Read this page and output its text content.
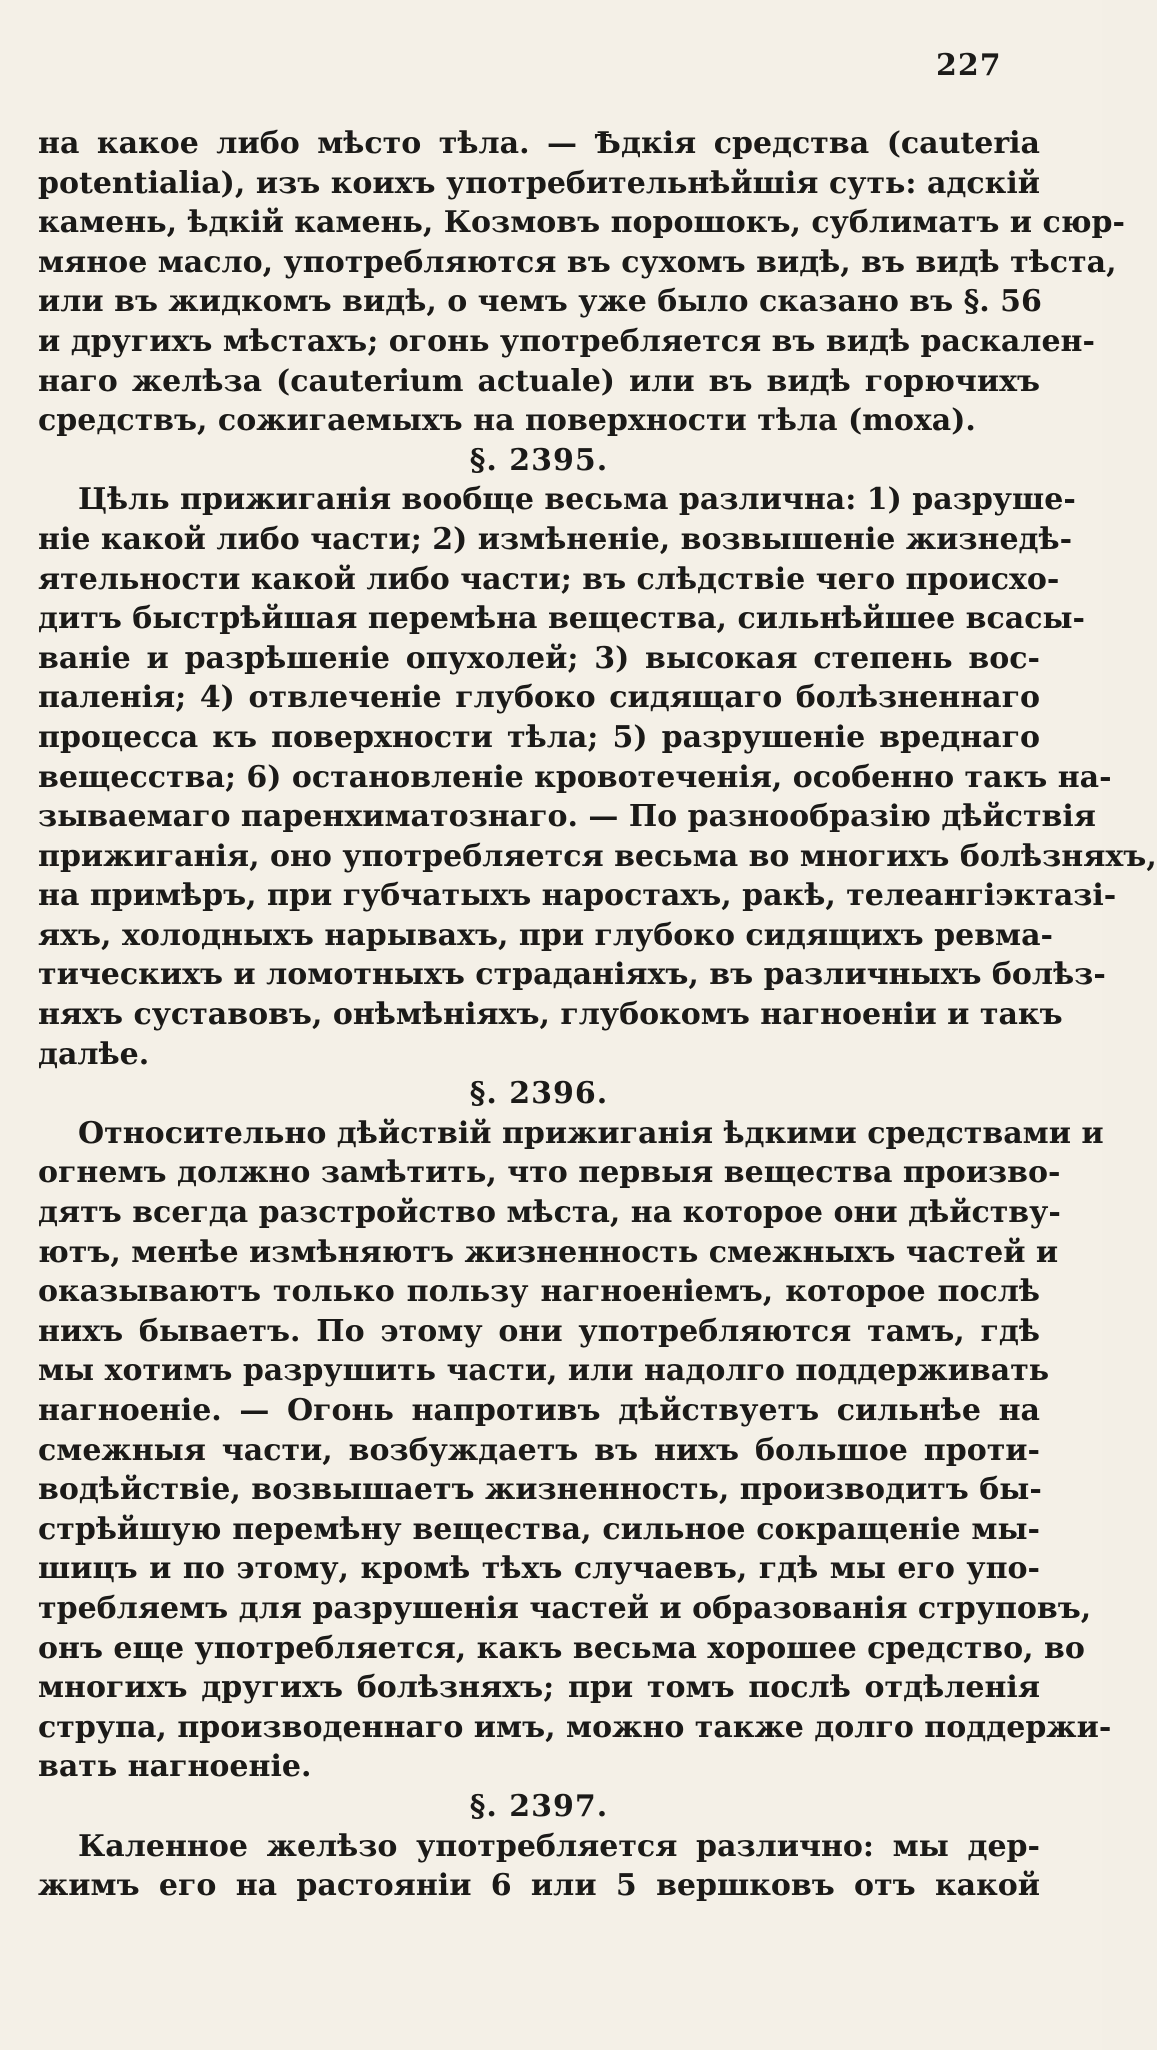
227
на какое либо мѣсто тѣла. — Ѣдкія средства (cauteria
potentialia), изъ коихъ употребительнѣйшія суть: адскій
камень, ѣдкій камень, Козмовъ порошокъ, сублиматъ и сюр-
мяное масло, употребляются въ сухомъ видѣ, въ видѣ тѣста,
или въ жидкомъ видѣ, о чемъ уже было сказано въ §. 56
и другихъ мѣстахъ; огонь употребляется въ видѣ раскален-
наго желѣза (cauterium actuale) или въ видѣ горючихъ
средствъ, сожигаемыхъ на поверхности тѣла (moxa).
§. 2395.
Цѣль прижиганія вообще весьма различна: 1) разруше-
ніе какой либо части; 2) измѣненіе, возвышеніе жизнедѣ-
ятельности какой либо части; въ слѣдствіе чего происхо-
дитъ быстрѣйшая перемѣна вещества, сильнѣйшее всасы-
ваніе и разрѣшеніе опухолей; 3) высокая степень вос-
паленія; 4) отвлеченіе глубоко сидящаго болѣзненнаго
процесса къ поверхности тѣла; 5) разрушеніе вреднаго
вещесства; 6) остановленіе кровотеченія, особенно такъ на-
зываемаго паренхиматознаго. — По разнообразію дѣйствія
прижиганія, оно употребляется весьма во многихъ болѣзняхъ,
на примѣръ, при губчатыхъ наростахъ, ракѣ, телеангіэктазі-
яхъ, холодныхъ нарывахъ, при глубоко сидящихъ ревма-
тическихъ и ломотныхъ страданіяхъ, въ различныхъ болѣз-
няхъ суставовъ, онѣмѣніяхъ, глубокомъ нагноеніи и такъ
далѣе.
§. 2396.
Относительно дѣйствій прижиганія ѣдкими средствами и
огнемъ должно замѣтить, что первыя вещества произво-
дятъ всегда разстройство мѣста, на которое они дѣйству-
ютъ, менѣе измѣняютъ жизненность смежныхъ частей и
оказываютъ только пользу нагноеніемъ, которое послѣ
нихъ бываетъ. По этому они употребляются тамъ, гдѣ
мы хотимъ разрушить части, или надолго поддерживать
нагноеніе. — Огонь напротивъ дѣйствуетъ сильнѣе на
смежныя части, возбуждаетъ въ нихъ большое проти-
водѣйствіе, возвышаетъ жизненность, производитъ бы-
стрѣйшую перемѣну вещества, сильное сокращеніе мы-
шицъ и по этому, кромѣ тѣхъ случаевъ, гдѣ мы его упо-
требляемъ для разрушенія частей и образованія струповъ,
онъ еще употребляется, какъ весьма хорошее средство, во
многихъ другихъ болѣзняхъ; при томъ послѣ отдѣленія
струпа, производеннаго имъ, можно также долго поддержи-
вать нагноеніе.
§. 2397.
Каленное желѣзо употребляется различно: мы дер-
жимъ его на растояніи 6 или 5 вершковъ отъ какой
